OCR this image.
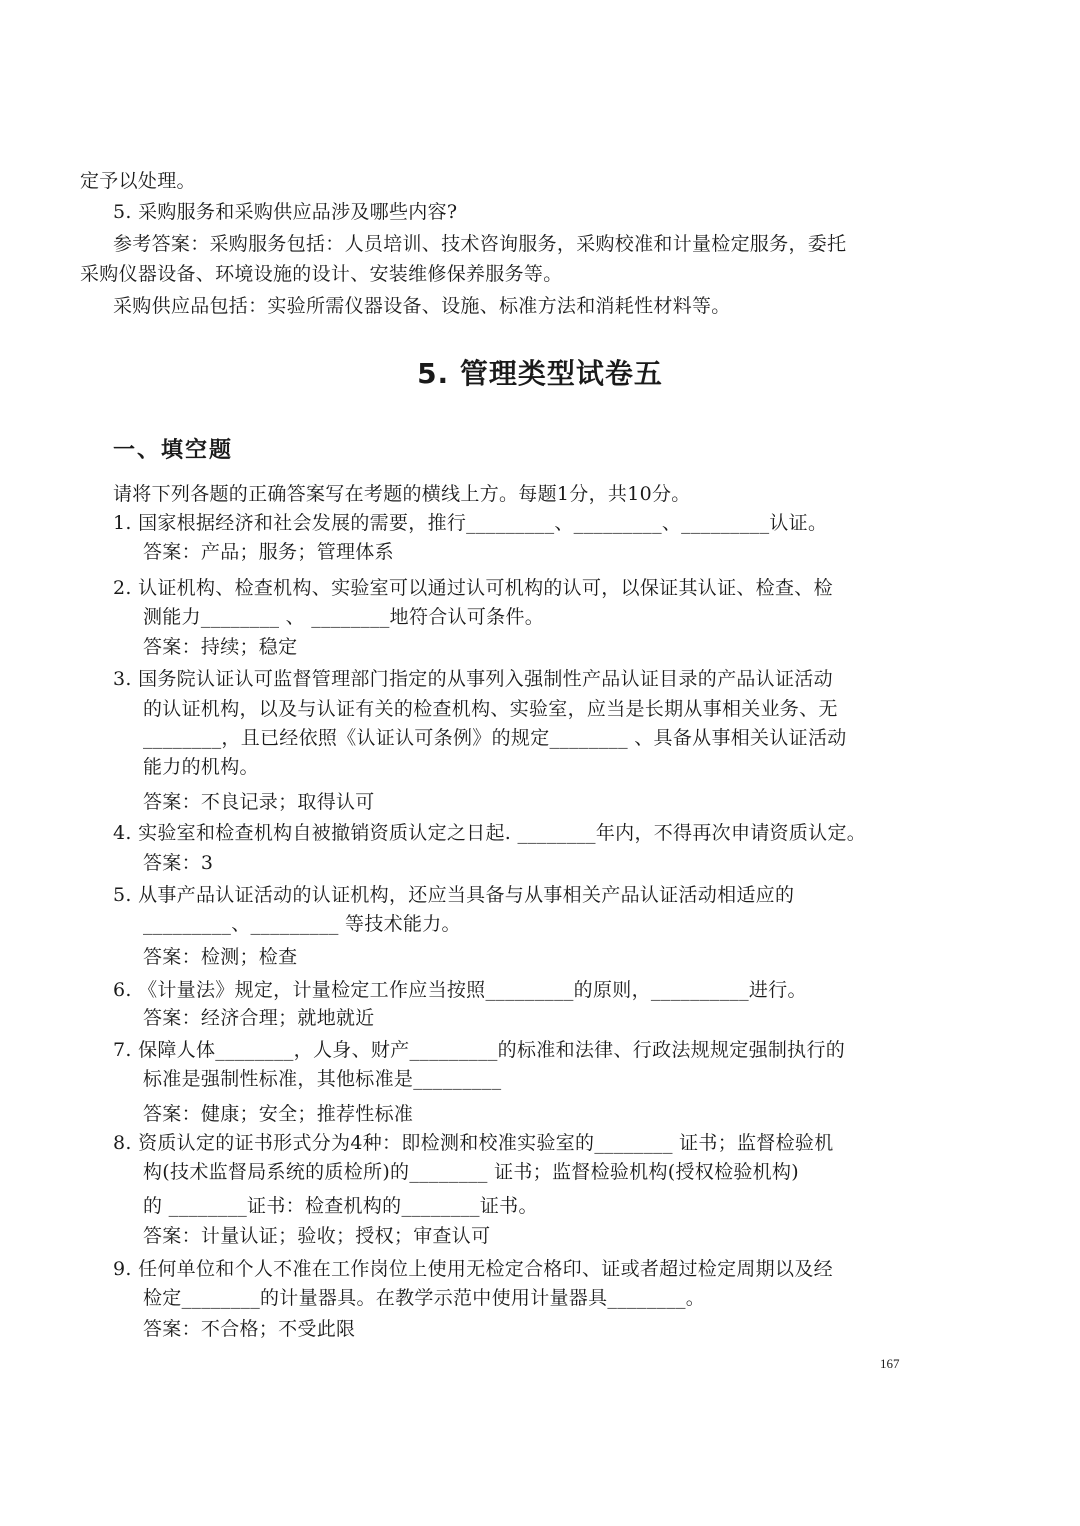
定予以处理。
5. 采购服务和采购供应品涉及哪些内容?
参考答案：采购服务包括：人员培训、技术咨询服务，采购校准和计量检定服务，委托
采购仪器设备、环境设施的设计、安装维修保养服务等。
采购供应品包括：实验所需仪器设备、设施、标准方法和消耗性材料等。
5. 管理类型试卷五
一、填空题
请将下列各题的正确答案写在考题的横线上方。每题1分，共10分。
1. 国家根据经济和社会发展的需要，推行_________、_________、_________认证。
答案：产品；服务；管理体系
2. 认证机构、检查机构、实验室可以通过认可机构的认可，以保证其认证、检查、检
测能力________ 、 ________地符合认可条件。
答案：持续；稳定
3. 国务院认证认可监督管理部门指定的从事列入强制性产品认证目录的产品认证活动
的认证机构，以及与认证有关的检查机构、实验室，应当是长期从事相关业务、无
________，且已经依照《认证认可条例》的规定________ 、具备从事相关认证活动
能力的机构。
答案：不良记录；取得认可
4. 实验室和检查机构自被撤销资质认定之日起. ________年内，不得再次申请资质认定。
答案：3
5. 从事产品认证活动的认证机构，还应当具备与从事相关产品认证活动相适应的
_________、_________ 等技术能力。
答案：检测；检查
6. 《计量法》规定，计量检定工作应当按照_________的原则，__________进行。
答案：经济合理；就地就近
7. 保障人体________，人身、财产_________的标准和法律、行政法规规定强制执行的
标准是强制性标准，其他标准是_________
答案：健康；安全；推荐性标准
8. 资质认定的证书形式分为4种：即检测和校准实验室的________ 证书；监督检验机
构(技术监督局系统的质检所)的________ 证书；监督检验机构(授权检验机构)
的 ________证书：检查机构的________证书。
答案：计量认证；验收；授权；审查认可
9. 任何单位和个人不准在工作岗位上使用无检定合格印、证或者超过检定周期以及经
检定________的计量器具。在教学示范中使用计量器具________。
答案：不合格；不受此限
167
